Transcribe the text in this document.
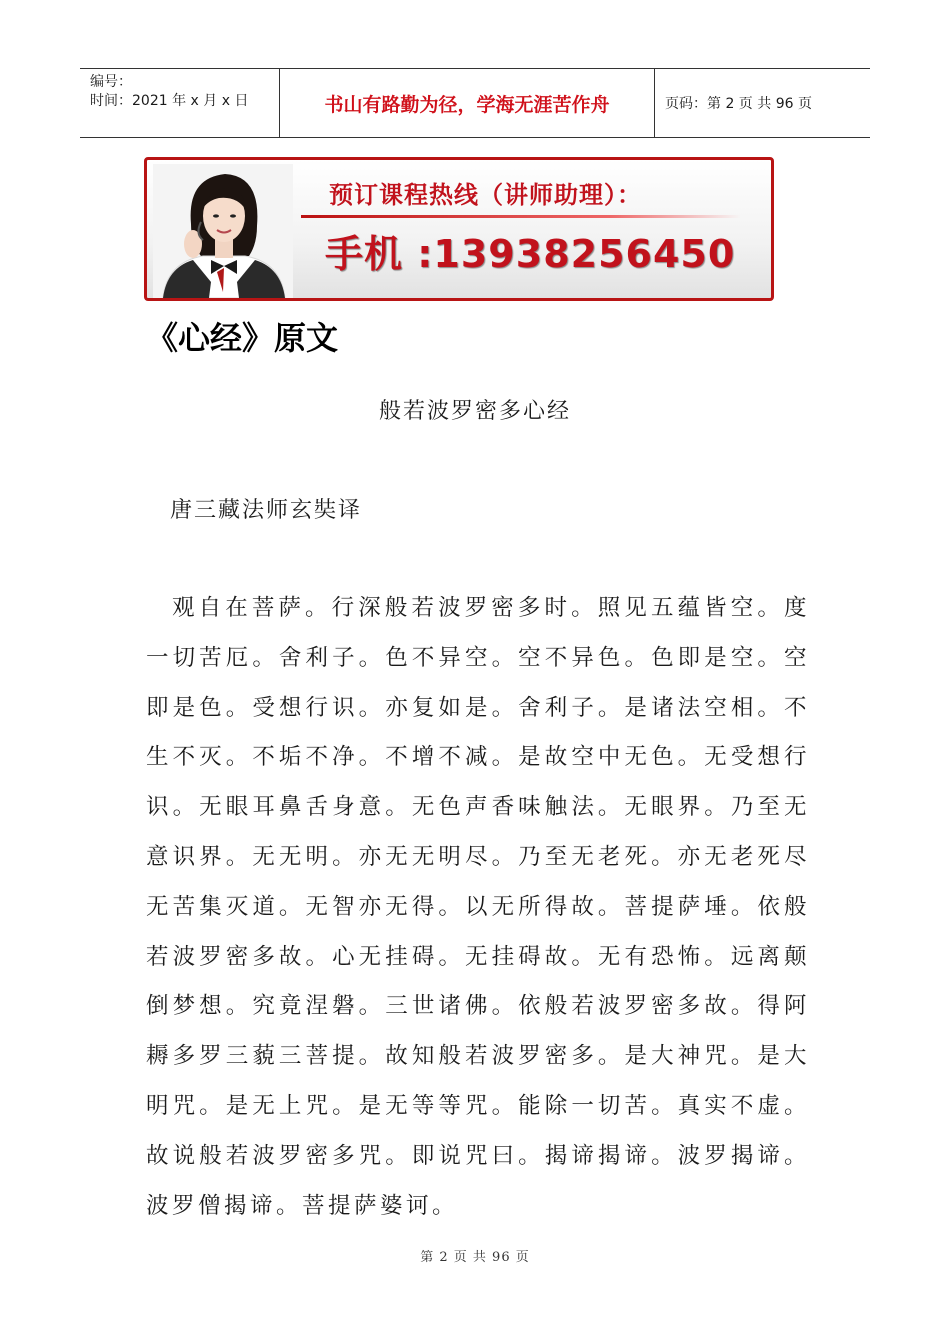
编号：
时间：2021 年 x 月 x 日	书山有路勤为径，学海无涯苦作舟	页码：第 2 页 共 96 页
预订课程热线（讲师助理）：
手机 :13938256450
《心经》原文
般若波罗密多心经
唐三藏法师玄奘译
观自在菩萨。行深般若波罗密多时。照见五蕴皆空。度一切苦厄。舍利子。色不异空。空不异色。色即是空。空即是色。受想行识。亦复如是。舍利子。是诸法空相。不生不灭。不垢不净。不增不减。是故空中无色。无受想行识。无眼耳鼻舌身意。无色声香味触法。无眼界。乃至无意识界。无无明。亦无无明尽。乃至无老死。亦无老死尽无苦集灭道。无智亦无得。以无所得故。菩提萨埵。依般若波罗密多故。心无挂碍。无挂碍故。无有恐怖。远离颠倒梦想。究竟涅磐。三世诸佛。依般若波罗密多故。得阿耨多罗三藐三菩提。故知般若波罗密多。是大神咒。是大明咒。是无上咒。是无等等咒。能除一切苦。真实不虚。故说般若波罗密多咒。即说咒曰。揭谛揭谛。波罗揭谛。波罗僧揭谛。菩提萨婆诃。
第 2 页 共 96 页
